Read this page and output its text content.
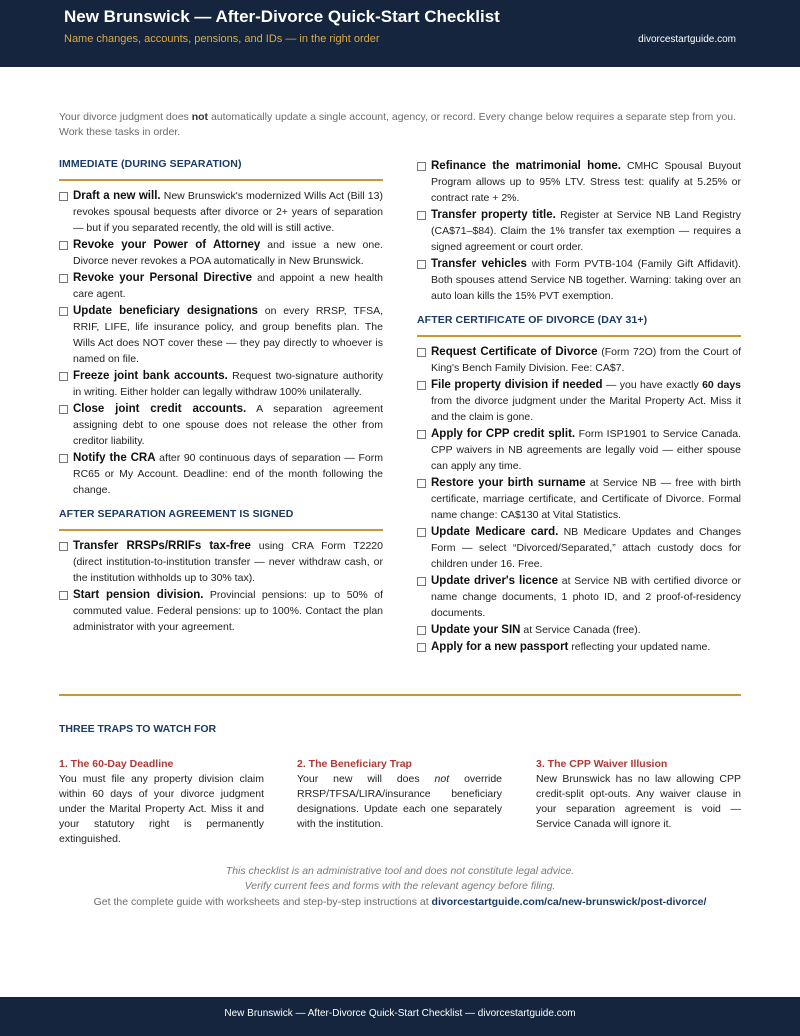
New Brunswick — After-Divorce Quick-Start Checklist
Name changes, accounts, pensions, and IDs — in the right order	divorcestartguide.com
Your divorce judgment does not automatically update a single account, agency, or record. Every change below requires a separate step from you. Work these tasks in order.
IMMEDIATE (DURING SEPARATION)
Draft a new will. New Brunswick's modernized Wills Act (Bill 13) revokes spousal bequests after divorce or 2+ years of separation — but if you separated recently, the old will is still active.
Revoke your Power of Attorney and issue a new one. Divorce never revokes a POA automatically in New Brunswick.
Revoke your Personal Directive and appoint a new health care agent.
Update beneficiary designations on every RRSP, TFSA, RRIF, LIFE, life insurance policy, and group benefits plan. The Wills Act does NOT cover these — they pay directly to whoever is named on file.
Freeze joint bank accounts. Request two-signature authority in writing. Either holder can legally withdraw 100% unilaterally.
Close joint credit accounts. A separation agreement assigning debt to one spouse does not release the other from creditor liability.
Notify the CRA after 90 continuous days of separation — Form RC65 or My Account. Deadline: end of the month following the change.
AFTER SEPARATION AGREEMENT IS SIGNED
Transfer RRSPs/RRIFs tax-free using CRA Form T2220 (direct institution-to-institution transfer — never withdraw cash, or the institution withholds up to 30% tax).
Start pension division. Provincial pensions: up to 50% of commuted value. Federal pensions: up to 100%. Contact the plan administrator with your agreement.
Refinance the matrimonial home. CMHC Spousal Buyout Program allows up to 95% LTV. Stress test: qualify at 5.25% or contract rate + 2%.
Transfer property title. Register at Service NB Land Registry (CA$71–$84). Claim the 1% transfer tax exemption — requires a signed agreement or court order.
Transfer vehicles with Form PVTB-104 (Family Gift Affidavit). Both spouses attend Service NB together. Warning: taking over an auto loan kills the 15% PVT exemption.
AFTER CERTIFICATE OF DIVORCE (DAY 31+)
Request Certificate of Divorce (Form 72O) from the Court of King's Bench Family Division. Fee: CA$7.
File property division if needed — you have exactly 60 days from the divorce judgment under the Marital Property Act. Miss it and the claim is gone.
Apply for CPP credit split. Form ISP1901 to Service Canada. CPP waivers in NB agreements are legally void — either spouse can apply any time.
Restore your birth surname at Service NB — free with birth certificate, marriage certificate, and Certificate of Divorce. Formal name change: CA$130 at Vital Statistics.
Update Medicare card. NB Medicare Updates and Changes Form — select “Divorced/Separated,” attach custody docs for children under 16. Free.
Update driver's licence at Service NB with certified divorce or name change documents, 1 photo ID, and 2 proof-of-residency documents.
Update your SIN at Service Canada (free).
Apply for a new passport reflecting your updated name.
THREE TRAPS TO WATCH FOR
1. The 60-Day Deadline
You must file any property division claim within 60 days of your divorce judgment under the Marital Property Act. Miss it and your statutory right is permanently extinguished.
2. The Beneficiary Trap
Your new will does not override RRSP/TFSA/LIRA/insurance beneficiary designations. Update each one separately with the institution.
3. The CPP Waiver Illusion
New Brunswick has no law allowing CPP credit-split opt-outs. Any waiver clause in your separation agreement is void — Service Canada will ignore it.
This checklist is an administrative tool and does not constitute legal advice.
Verify current fees and forms with the relevant agency before filing.
Get the complete guide with worksheets and step-by-step instructions at divorcestartguide.com/ca/new-brunswick/post-divorce/
New Brunswick — After-Divorce Quick-Start Checklist — divorcestartguide.com
